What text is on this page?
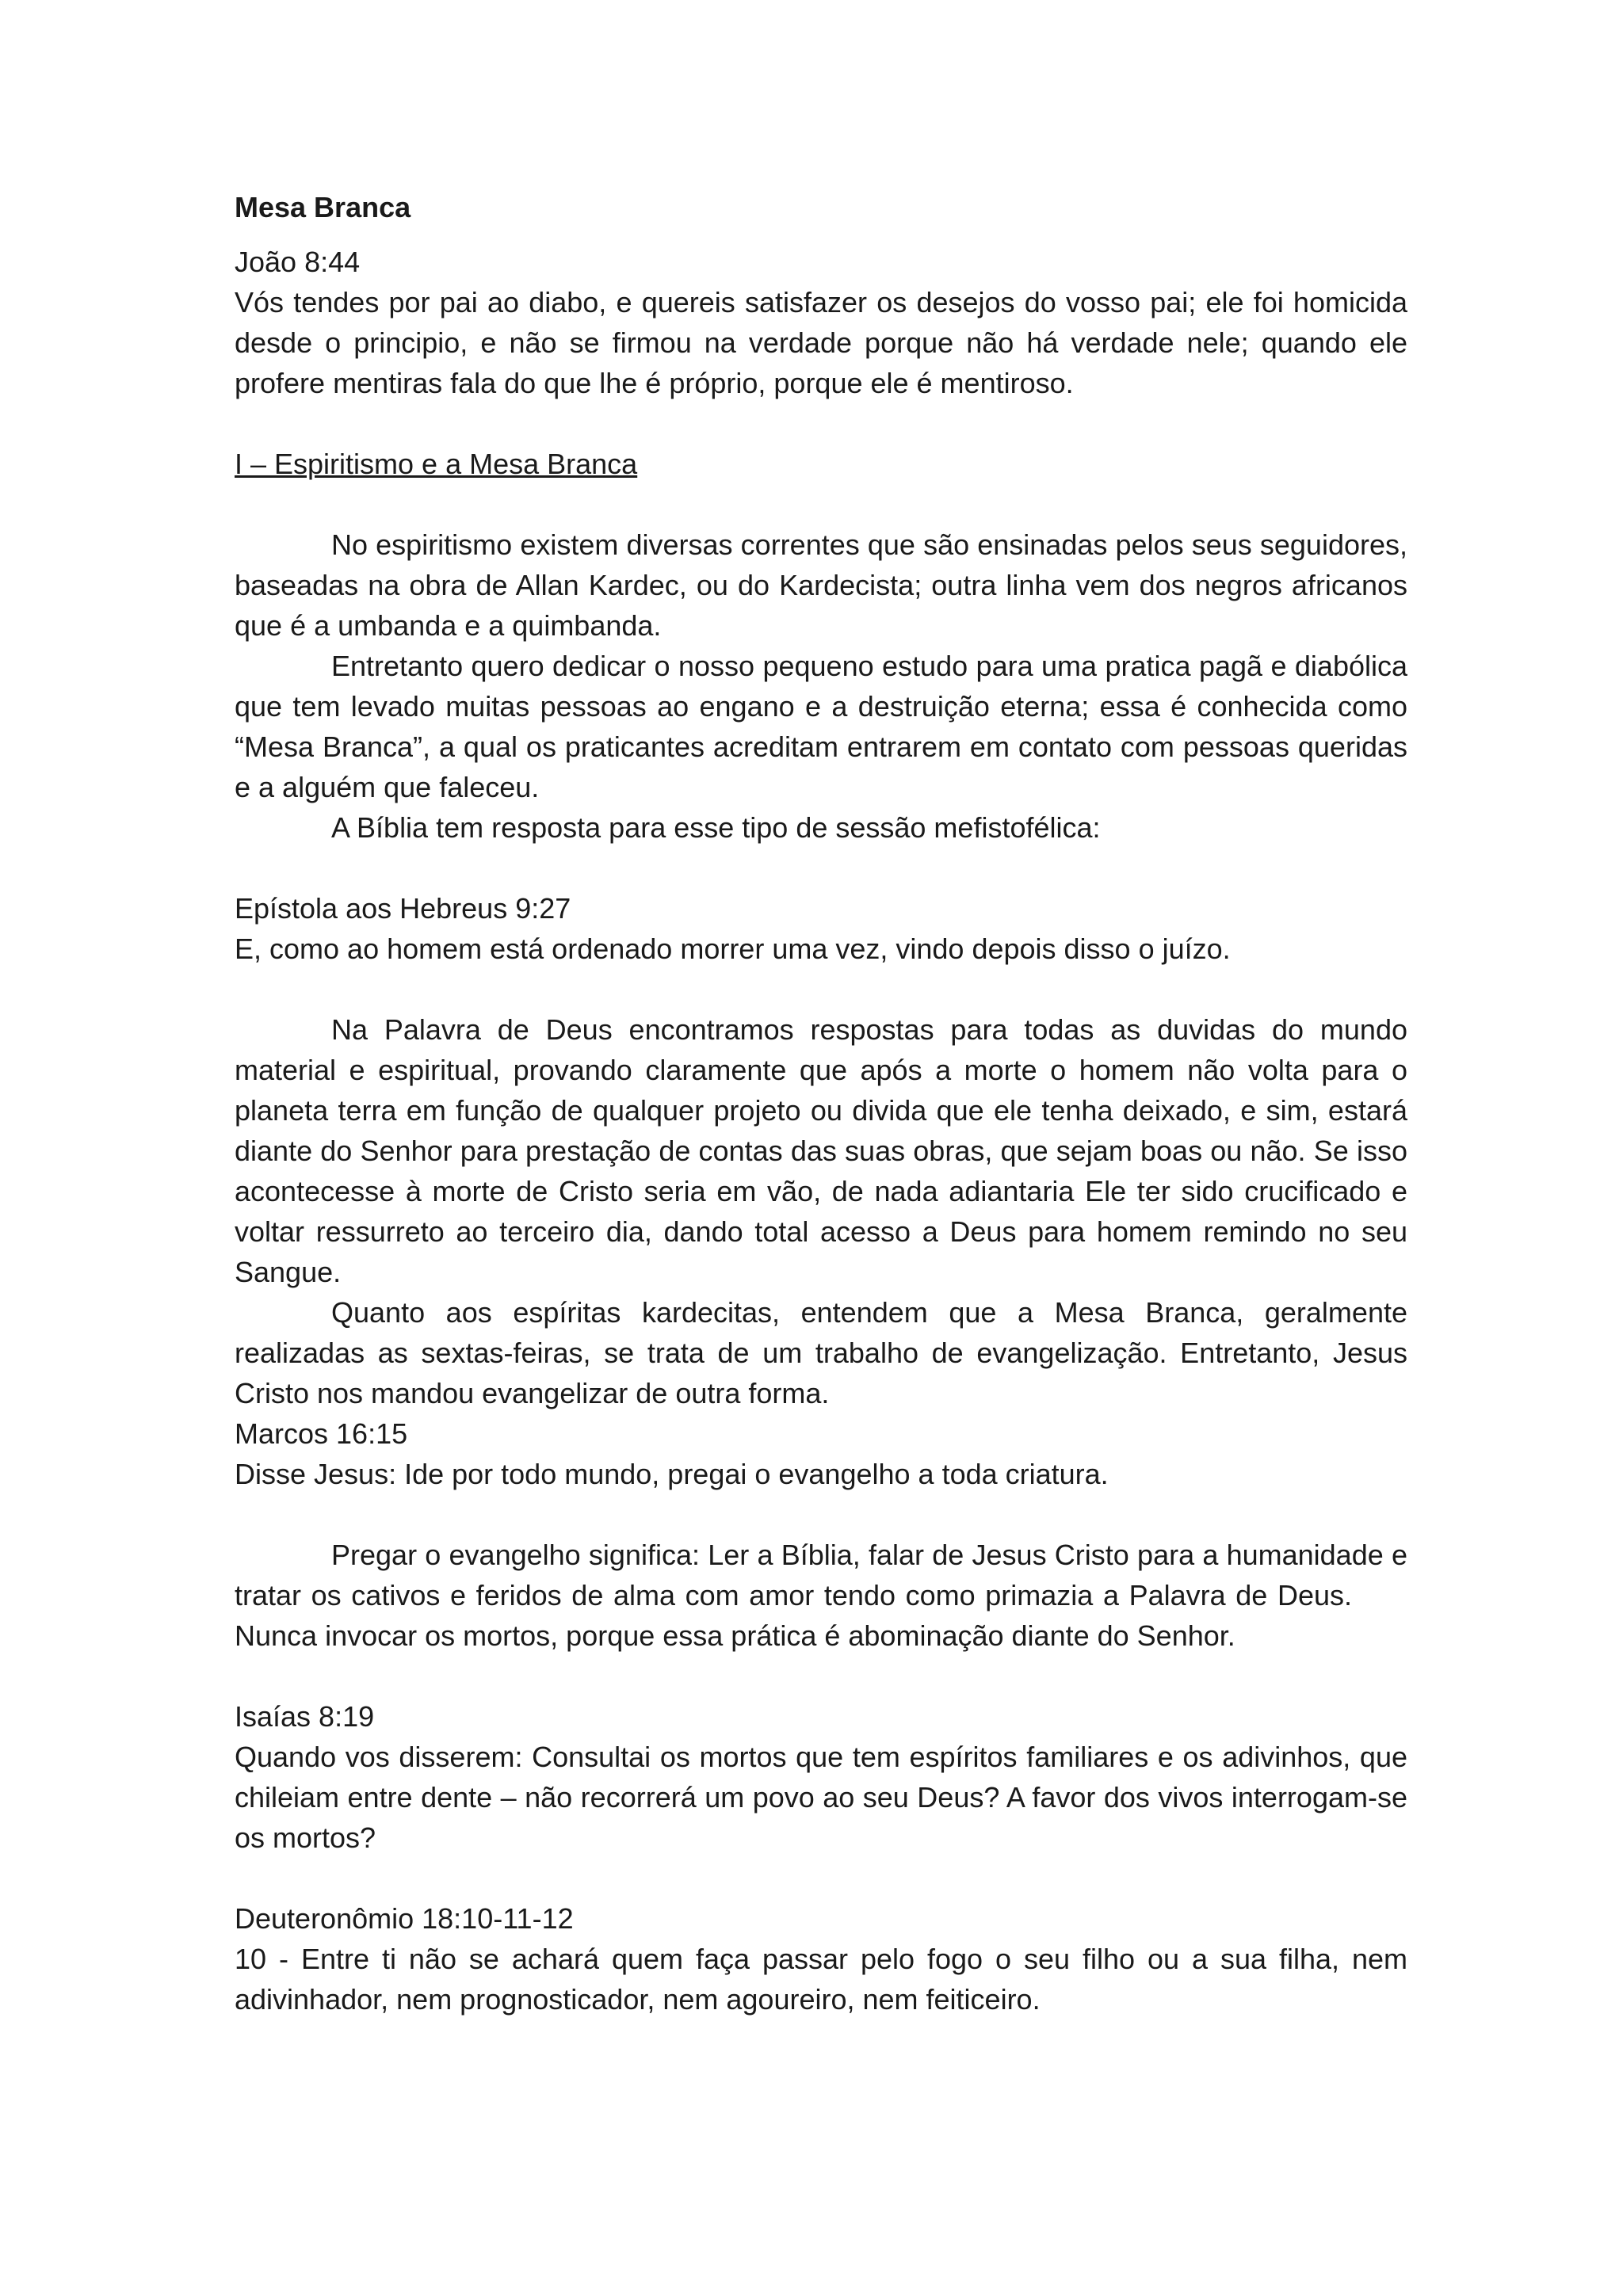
Mesa Branca
João 8:44

Vós tendes por pai ao diabo, e quereis satisfazer os desejos do vosso pai; ele foi homicida desde o principio, e não se firmou na verdade porque não há verdade nele; quando ele profere mentiras fala do que lhe é próprio, porque ele é mentiroso.

I – Espiritismo e a Mesa Branca

No espiritismo existem diversas correntes que são ensinadas pelos seus seguidores, baseadas na obra de Allan Kardec, ou do Kardecista; outra linha vem dos negros africanos que é a umbanda e a quimbanda.

Entretanto quero dedicar o nosso pequeno estudo para uma pratica pagã e diabólica que tem levado muitas pessoas ao engano e a destruição eterna; essa é conhecida como “Mesa Branca”, a qual os praticantes acreditam entrarem em contato com pessoas queridas e a alguém que faleceu.

A Bíblia tem resposta para esse tipo de sessão mefistofélica:

Epístola aos Hebreus 9:27

E, como ao homem está ordenado morrer uma vez, vindo depois disso o juízo.

Na Palavra de Deus encontramos respostas para todas as duvidas do mundo material e espiritual, provando claramente que após a morte o homem não volta para o planeta terra em função de qualquer projeto ou divida que ele tenha deixado, e sim, estará diante do Senhor para prestação de contas das suas obras, que sejam boas ou não. Se isso acontecesse à morte de Cristo seria em vão, de nada adiantaria Ele ter sido crucificado e voltar ressurreto ao terceiro dia, dando total acesso a Deus para homem remindo no seu Sangue.

Quanto aos espíritas kardecitas, entendem que a Mesa Branca, geralmente realizadas as sextas-feiras, se trata de um trabalho de evangelização. Entretanto, Jesus Cristo nos mandou evangelizar de outra forma.

Marcos 16:15

Disse Jesus: Ide por todo mundo, pregai o evangelho a toda criatura.

Pregar o evangelho significa: Ler a Bíblia, falar de Jesus Cristo para a humanidade e tratar os cativos e feridos de alma com amor tendo como primazia a Palavra de Deus.Nunca invocar os mortos, porque essa prática é abominação diante do Senhor.

Isaías 8:19

Quando vos disserem: Consultai os mortos que tem espíritos familiares e os adivinhos, que chileiam entre dente – não recorrerá um povo ao seu Deus? A favor dos vivos interrogam-se os mortos?

Deuteronômio 18:10-11-12

10 - Entre ti não se achará quem faça passar pelo fogo o seu filho ou a sua filha, nem adivinhador, nem prognosticador, nem agoureiro, nem feiticeiro.
